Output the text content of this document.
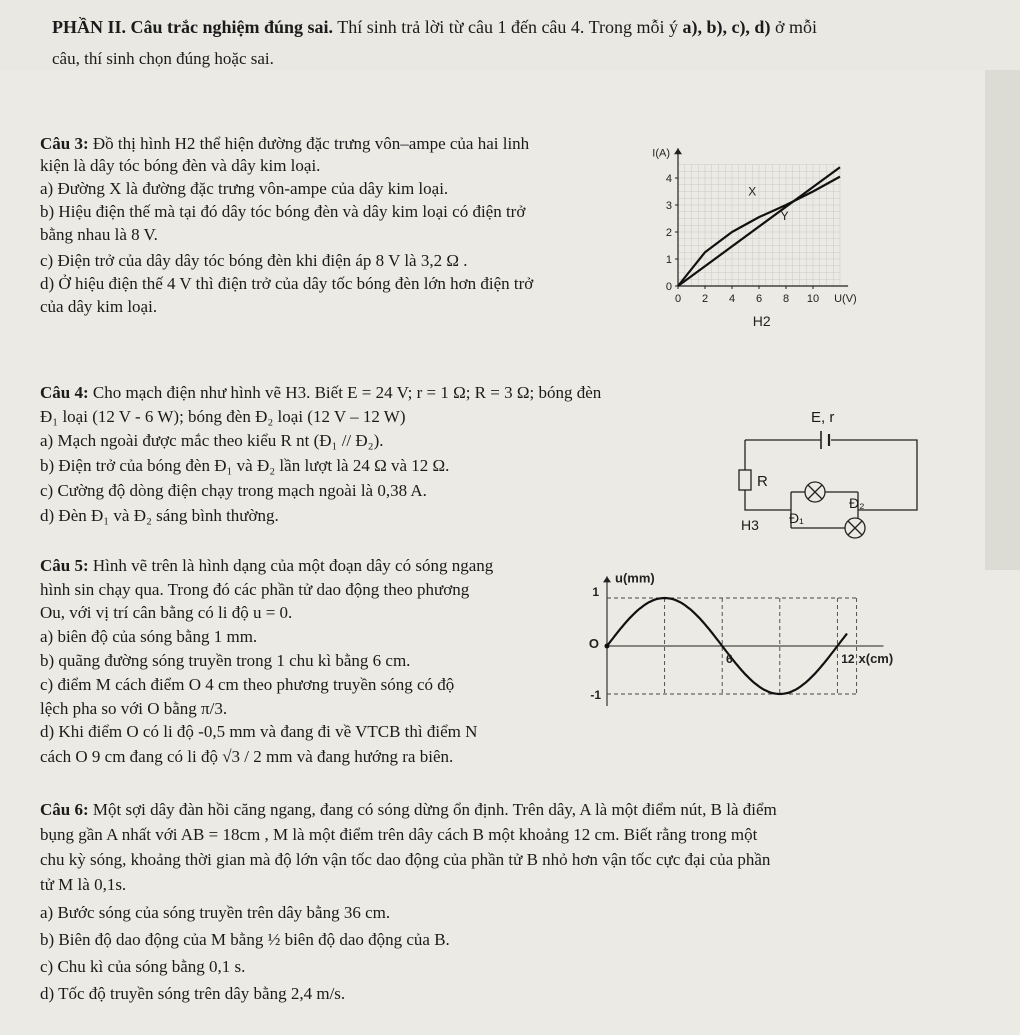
PHẦN II. Câu trắc nghiệm đúng sai. Thí sinh trả lời từ câu 1 đến câu 4. Trong mỗi ý a), b), c), d) ở mỗi
câu, thí sinh chọn đúng hoặc sai.
Câu 3: Đồ thị hình H2 thể hiện đường đặc trưng vôn–ampe của hai linh
kiện là dây tóc bóng đèn và dây kim loại.
a) Đường X là đường đặc trưng vôn-ampe của dây kim loại.
b) Hiệu điện thế mà tại đó dây tóc bóng đèn và dây kim loại có điện trở
bằng nhau là 8 V.
c) Điện trở của dây dây tóc bóng đèn khi điện áp 8 V là 3,2 Ω .
d) Ở hiệu điện thế 4 V thì điện trở của dây tốc bóng đèn lớn hơn điện trở
của dây kim loại.	0 2 4 6 8 10
0
1
2
3
4
I(A)
U(V)
X
Y
H2
Câu 4: Cho mạch điện như hình vẽ H3. Biết E = 24 V; r = 1 Ω; R = 3 Ω; bóng đèn
Đ₁ loại (12 V - 6 W); bóng đèn Đ₂ loại (12 V – 12 W)
a) Mạch ngoài được mắc theo kiểu R nt (Đ₁ // Đ₂).
b) Điện trở của bóng đèn Đ₁ và Đ₂ lần lượt là 24 Ω và 12 Ω.
c) Cường độ dòng điện chạy trong mạch ngoài là 0,38 A.
d) Đèn Đ₁ và Đ₂ sáng bình thường.
E, r
R
Đ₁
Đ₂
H3
Câu 5: Hình vẽ trên là hình dạng của một đoạn dây có sóng ngang
hình sin chạy qua. Trong đó các phần tử dao động theo phương
Ou, với vị trí cân bằng có li độ u = 0.
a) biên độ của sóng bằng 1 mm.
b) quãng đường sóng truyền trong 1 chu kì bằng 6 cm.
c) điểm M cách điểm O 4 cm theo phương truyền sóng có độ
lệch pha so với O bằng π/3.
d) Khi điểm O có li độ -0,5 mm và đang đi về VTCB thì điểm N
cách O 9 cm đang có li độ √3 / 2 mm và đang hướng ra biên.
u(mm)
O
1
-1
6	12 x(cm)
Câu 6: Một sợi dây đàn hồi căng ngang, đang có sóng dừng ổn định. Trên dây, A là một điểm nút, B là điểm
bụng gần A nhất với AB = 18cm , M là một điểm trên dây cách B một khoảng 12 cm. Biết rằng trong một
chu kỳ sóng, khoảng thời gian mà độ lớn vận tốc dao động của phần tử B nhỏ hơn vận tốc cực đại của phần
tử M là 0,1s.
a) Bước sóng của sóng truyền trên dây bằng 36 cm.
b) Biên độ dao động của M bằng ½ biên độ dao động của B.
c) Chu kì của sóng bằng 0,1 s.
d) Tốc độ truyền sóng trên dây bằng 2,4 m/s.
